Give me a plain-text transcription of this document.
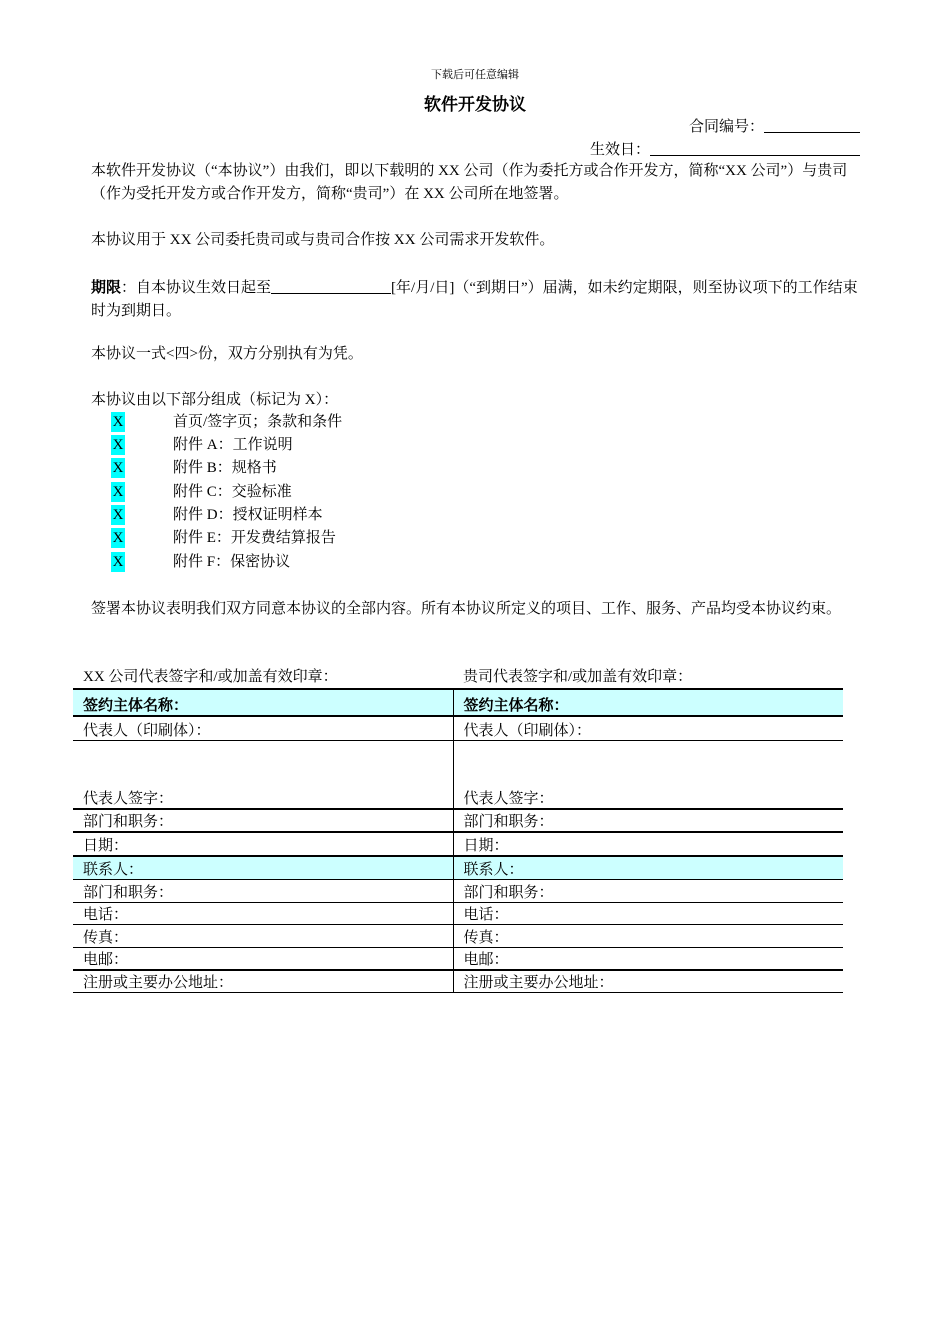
下载后可任意编辑
软件开发协议
合同编号：
生效日：
本软件开发协议（“本协议”）由我们，即以下载明的 XX 公司（作为委托方或合作开发方，简称“XX 公司”）与贵司（作为受托开发方或合作开发方，简称“贵司”）在 XX 公司所在地签署。
本协议用于 XX 公司委托贵司或与贵司合作按 XX 公司需求开发软件。
期限：自本协议生效日起至	[年/月/日]（“到期日”）届满，如未约定期限，则至协议项下的工作结束时为到期日。
本协议一式<四>份，双方分别执有为凭。
本协议由以下部分组成（标记为 X）：
X	首页/签字页；条款和条件
X	附件 A：工作说明
X	附件 B：规格书
X	附件 C：交验标准
X	附件 D：授权证明样本
X	附件 E：开发费结算报告
X	附件 F：保密协议
签署本协议表明我们双方同意本协议的全部内容。所有本协议所定义的项目、工作、服务、产品均受本协议约束。
XX 公司代表签字和/或加盖有效印章：	贵司代表签字和/或加盖有效印章：
签约主体名称：	签约主体名称：
代表人（印刷体）：	代表人（印刷体）：
代表人签字：	代表人签字：
部门和职务：	部门和职务：
日期：	日期：
联系人：	联系人：
部门和职务：	部门和职务：
电话：	电话：
传真：	传真：
电邮：	电邮：
注册或主要办公地址：	注册或主要办公地址：
